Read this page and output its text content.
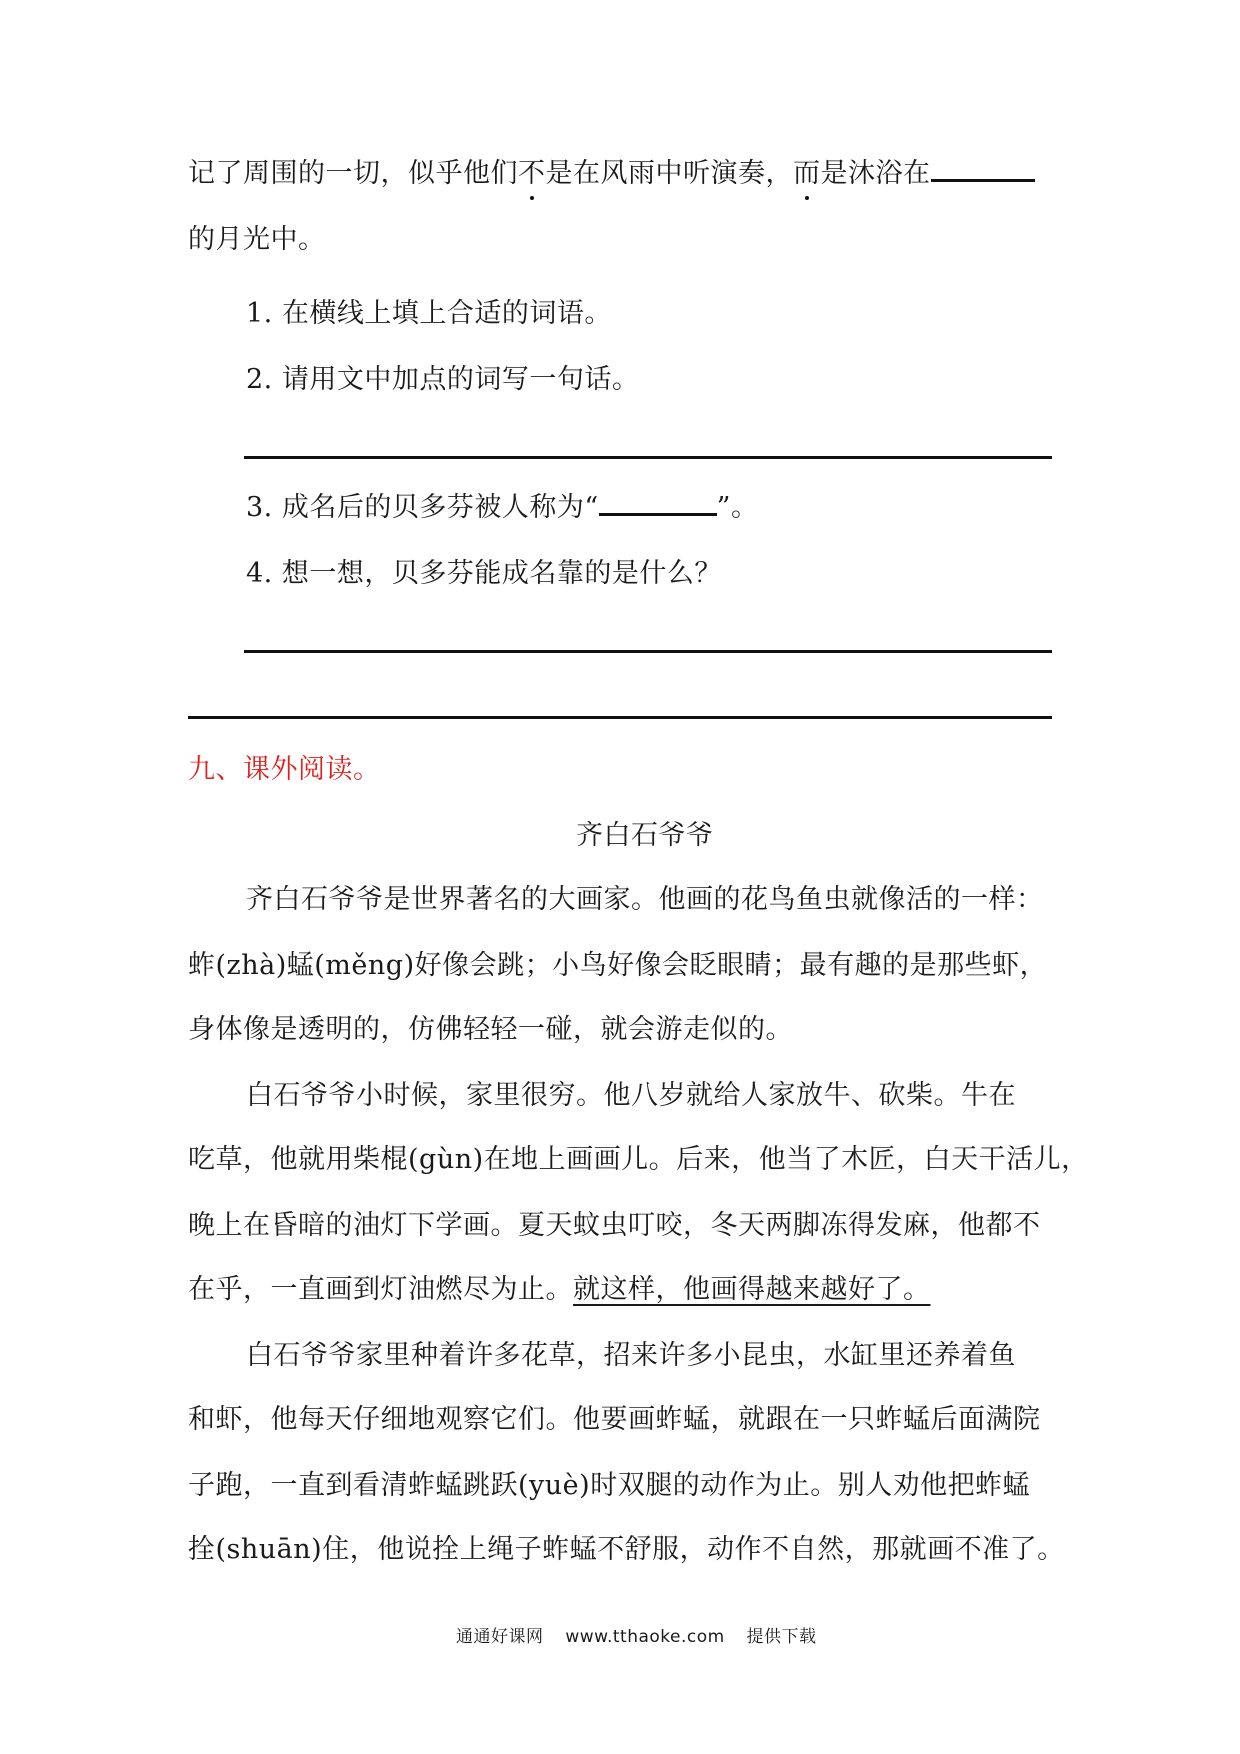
记了周围的一切，似乎他们不是在风雨中听演奏，而是沐浴在
的月光中。
1. 在横线上填上合适的词语。
2. 请用文中加点的词写一句话。
3. 成名后的贝多芬被人称为“	”。
4. 想一想，贝多芬能成名靠的是什么？
九、课外阅读。
齐白石爷爷
齐白石爷爷是世界著名的大画家。他画的花鸟鱼虫就像活的一样：
蚱(zhà)蜢(měng)好像会跳；小鸟好像会眨眼睛；最有趣的是那些虾，
身体像是透明的，仿佛轻轻一碰，就会游走似的。
白石爷爷小时候，家里很穷。他八岁就给人家放牛、砍柴。牛在
吃草，他就用柴棍(gùn)在地上画画儿。后来，他当了木匠，白天干活儿，
晚上在昏暗的油灯下学画。夏天蚊虫叮咬，冬天两脚冻得发麻，他都不
在乎，一直画到灯油燃尽为止。就这样，他画得越来越好了。
白石爷爷家里种着许多花草，招来许多小昆虫，水缸里还养着鱼
和虾，他每天仔细地观察它们。他要画蚱蜢，就跟在一只蚱蜢后面满院
子跑，一直到看清蚱蜢跳跃(yuè)时双腿的动作为止。别人劝他把蚱蜢
拴(shuān)住，他说拴上绳子蚱蜢不舒服，动作不自然，那就画不准了。
通通好课网 www.tthaoke.com 提供下载
